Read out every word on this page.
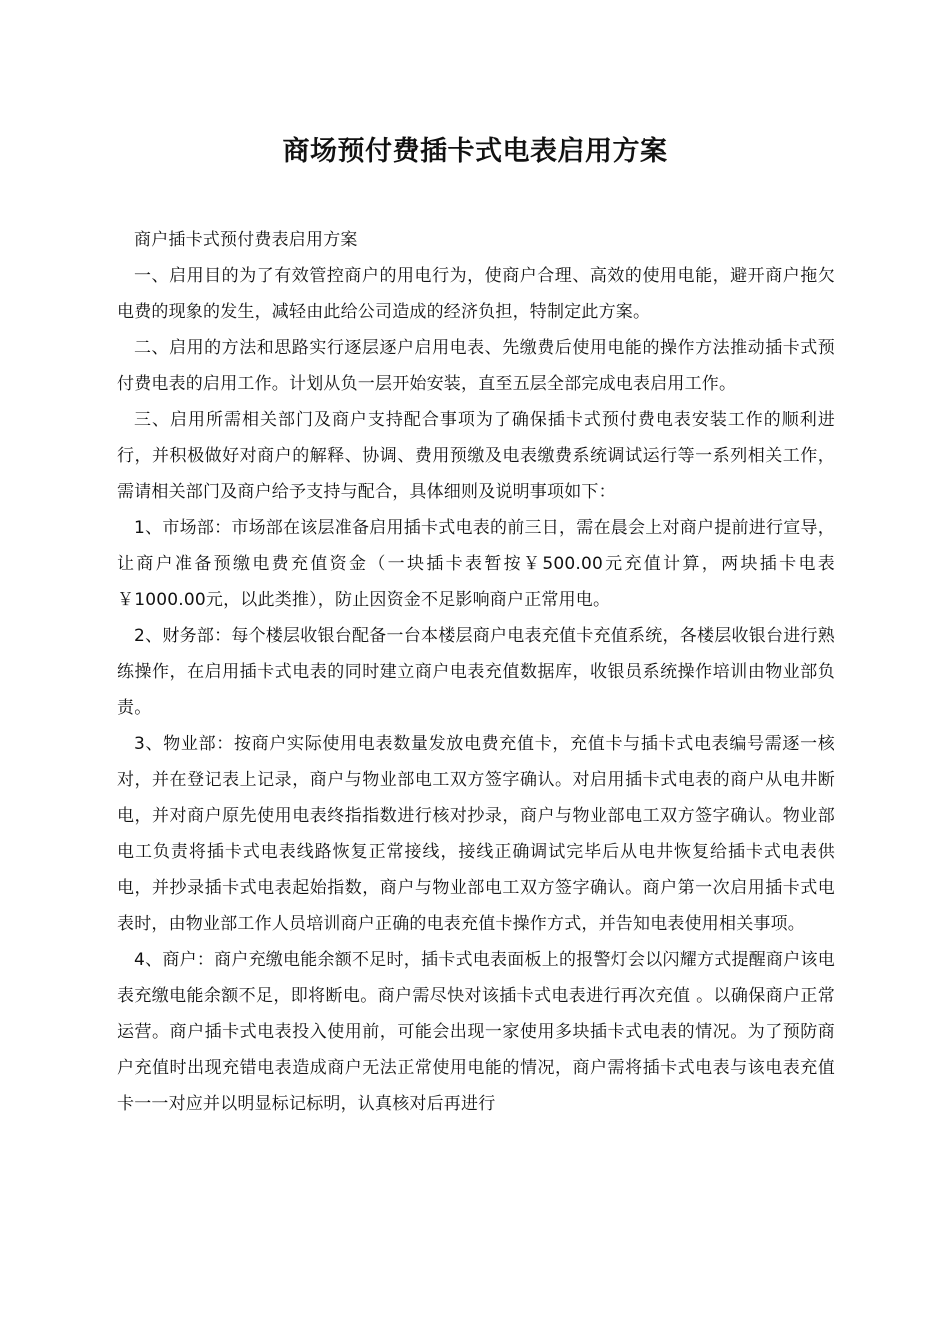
商场预付费插卡式电表启用方案

商户插卡式预付费表启用方案

一、启用目的为了有效管控商户的用电行为，使商户合理、高效的使用电能，避开商户拖欠电费的现象的发生，减轻由此给公司造成的经济负担，特制定此方案。

二、启用的方法和思路实行逐层逐户启用电表、先缴费后使用电能的操作方法推动插卡式预付费电表的启用工作。计划从负一层开始安装，直至五层全部完成电表启用工作。

三、启用所需相关部门及商户支持配合事项为了确保插卡式预付费电表安装工作的顺利进行，并积极做好对商户的解释、协调、费用预缴及电表缴费系统调试运行等一系列相关工作，需请相关部门及商户给予支持与配合，具体细则及说明事项如下：

1、市场部：市场部在该层准备启用插卡式电表的前三日，需在晨会上对商户提前进行宣导，让商户准备预缴电费充值资金（一块插卡表暂按￥500.00元充值计算，两块插卡电表￥1000.00元，以此类推），防止因资金不足影响商户正常用电。

2、财务部：每个楼层收银台配备一台本楼层商户电表充值卡充值系统，各楼层收银台进行熟练操作，在启用插卡式电表的同时建立商户电表充值数据库，收银员系统操作培训由物业部负责。

3、物业部：按商户实际使用电表数量发放电费充值卡，充值卡与插卡式电表编号需逐一核对，并在登记表上记录，商户与物业部电工双方签字确认。对启用插卡式电表的商户从电井断电，并对商户原先使用电表终指指数进行核对抄录，商户与物业部电工双方签字确认。物业部电工负责将插卡式电表线路恢复正常接线，接线正确调试完毕后从电井恢复给插卡式电表供电，并抄录插卡式电表起始指数，商户与物业部电工双方签字确认。商户第一次启用插卡式电表时，由物业部工作人员培训商户正确的电表充值卡操作方式，并告知电表使用相关事项。

4、商户：商户充缴电能余额不足时，插卡式电表面板上的报警灯会以闪耀方式提醒商户该电表充缴电能余额不足，即将断电。商户需尽快对该插卡式电表进行再次充值 。以确保商户正常运营。商户插卡式电表投入使用前，可能会出现一家使用多块插卡式电表的情况。为了预防商户充值时出现充错电表造成商户无法正常使用电能的情况，商户需将插卡式电表与该电表充值卡一一对应并以明显标记标明，认真核对后再进行
